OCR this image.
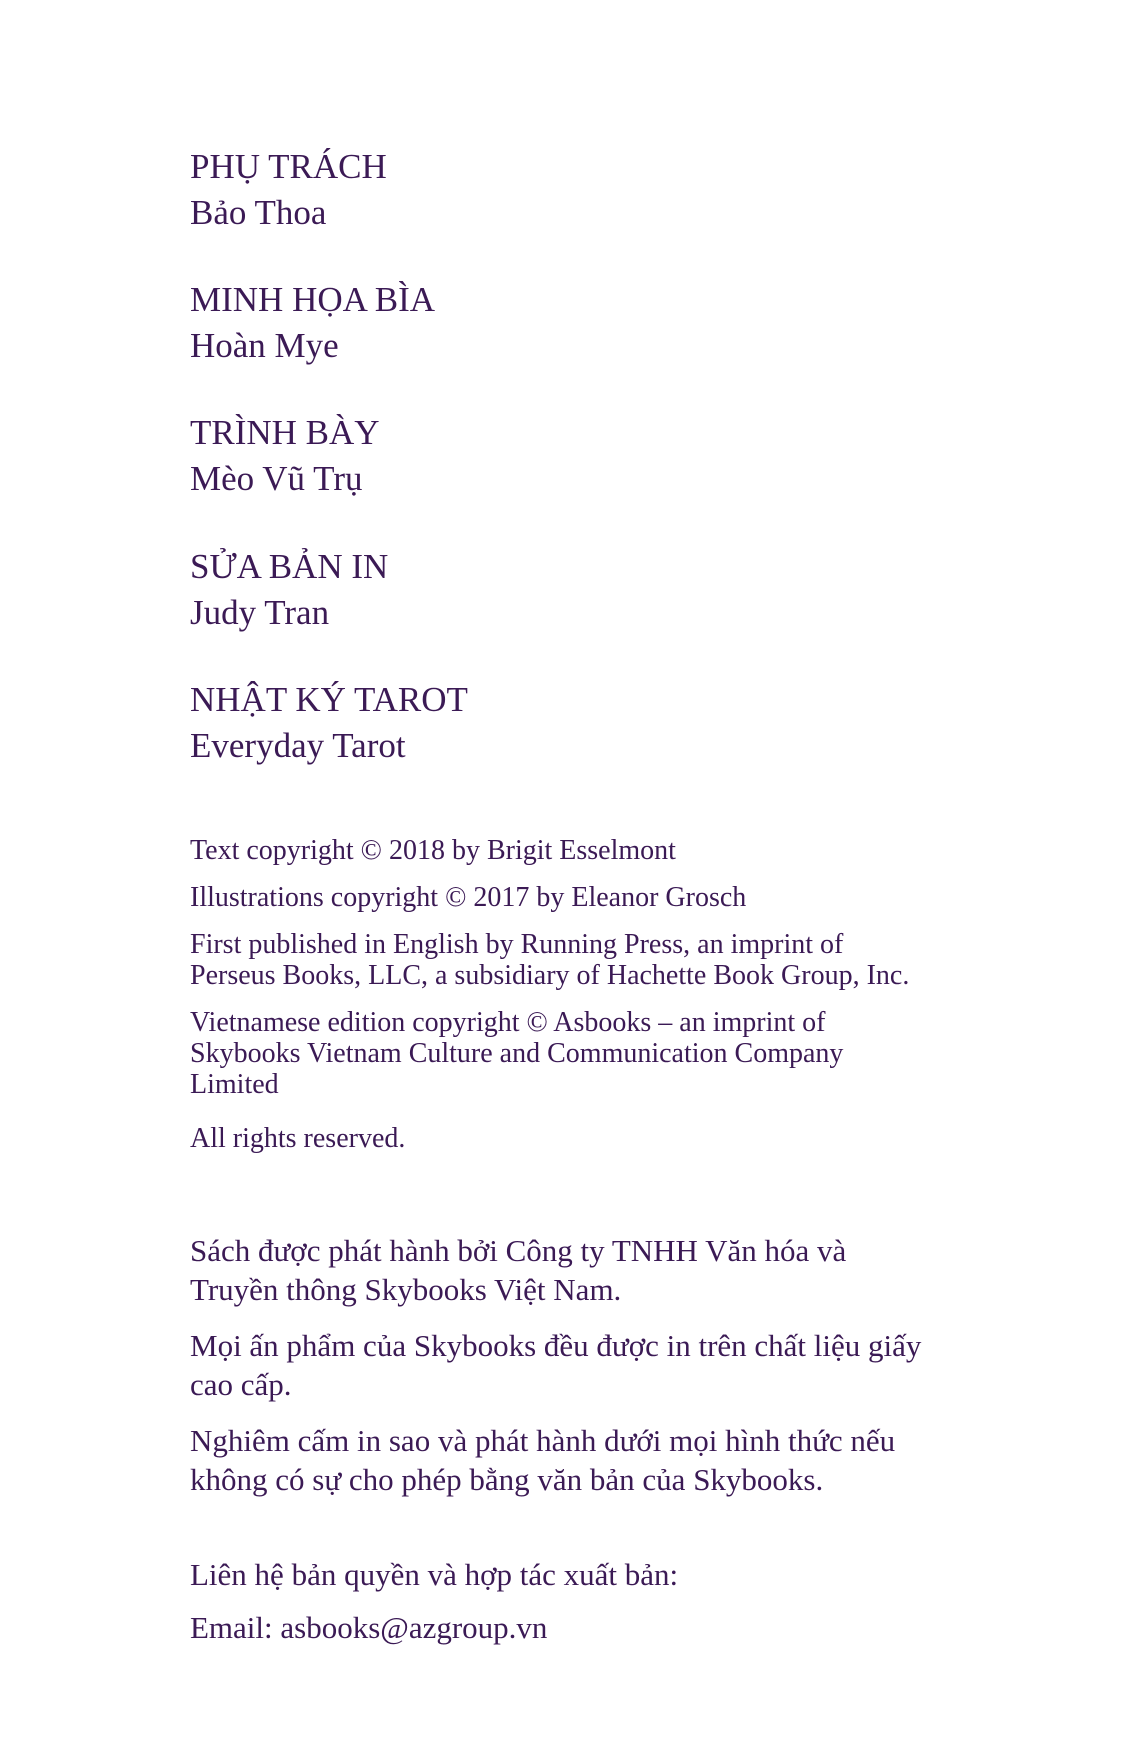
PHỤ TRÁCH
Bảo Thoa
MINH HỌA BÌA
Hoàn Mye
TRÌNH BÀY
Mèo Vũ Trụ
SỬA BẢN IN
Judy Tran
NHẬT KÝ TAROT
Everyday Tarot
Text copyright © 2018 by Brigit Esselmont
Illustrations copyright © 2017 by Eleanor Grosch
First published in English by Running Press, an imprint of
Perseus Books, LLC, a subsidiary of Hachette Book Group, Inc.
Vietnamese edition copyright © Asbooks – an imprint of
Skybooks Vietnam Culture and Communication Company
Limited
All rights reserved.
Sách được phát hành bởi Công ty TNHH Văn hóa và
Truyền thông Skybooks Việt Nam.
Mọi ấn phẩm của Skybooks đều được in trên chất liệu giấy
cao cấp.
Nghiêm cấm in sao và phát hành dưới mọi hình thức nếu
không có sự cho phép bằng văn bản của Skybooks.
Liên hệ bản quyền và hợp tác xuất bản:
Email: asbooks@azgroup.vn
